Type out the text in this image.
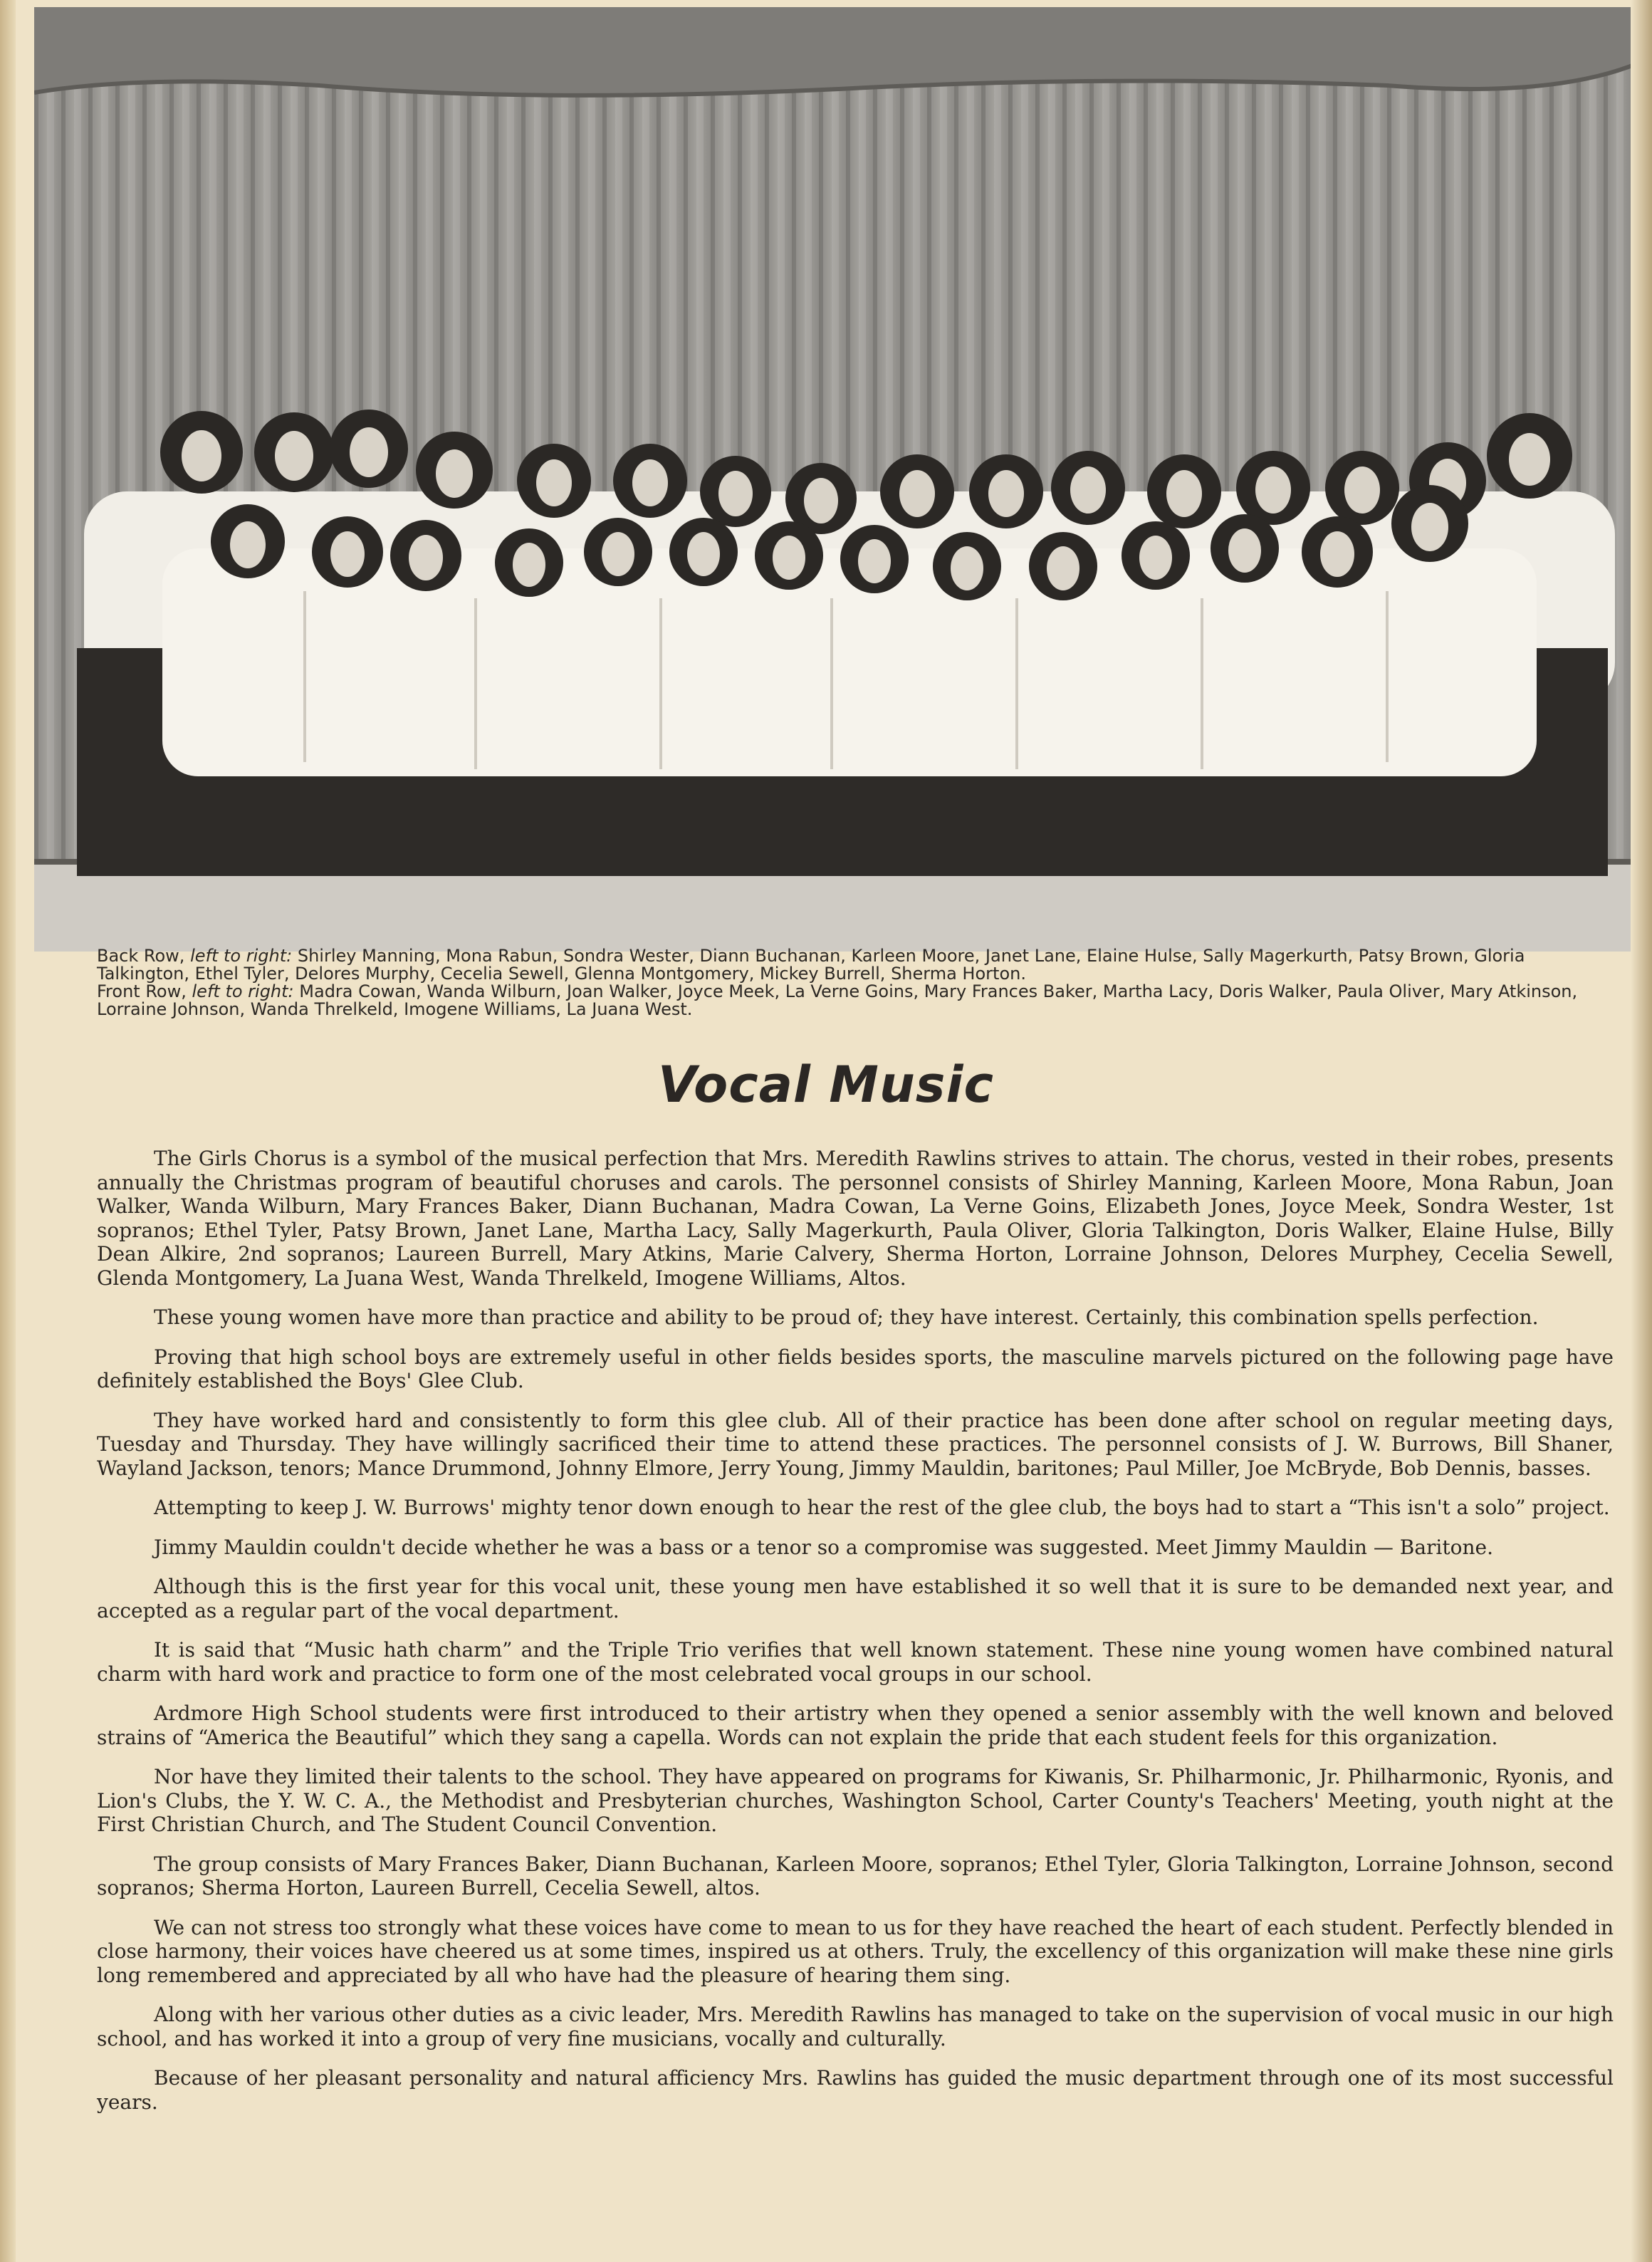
Back Row, left to right: Shirley Manning, Mona Rabun, Sondra Wester, Diann Buchanan, Karleen Moore, Janet Lane, Elaine Hulse, Sally Magerkurth, Patsy Brown, Gloria Talkington, Ethel Tyler, Delores Murphy, Cecelia Sewell, Glenna Montgomery, Mickey Burrell, Sherma Horton.

Front Row, left to right: Madra Cowan, Wanda Wilburn, Joan Walker, Joyce Meek, La Verne Goins, Mary Frances Baker, Martha Lacy, Doris Walker, Paula Oliver, Mary Atkinson, Lorraine Johnson, Wanda Threlkeld, Imogene Williams, La Juana West.

Vocal Music

The Girls Chorus is a symbol of the musical perfection that Mrs. Meredith Rawlins strives to attain. The chorus, vested in their robes, presents annually the Christmas program of beautiful choruses and carols. The personnel consists of Shirley Manning, Karleen Moore, Mona Rabun, Joan Walker, Wanda Wilburn, Mary Frances Baker, Diann Buchanan, Madra Cowan, La Verne Goins, Elizabeth Jones, Joyce Meek, Sondra Wester, 1st sopranos; Ethel Tyler, Patsy Brown, Janet Lane, Martha Lacy, Sally Magerkurth, Paula Oliver, Gloria Talkington, Doris Walker, Elaine Hulse, Billy Dean Alkire, 2nd sopranos; Laureen Burrell, Mary Atkins, Marie Calvery, Sherma Horton, Lorraine Johnson, Delores Murphey, Cecelia Sewell, Glenda Montgomery, La Juana West, Wanda Threlkeld, Imogene Williams, Altos.

These young women have more than practice and ability to be proud of; they have interest. Certainly, this combination spells perfection.

Proving that high school boys are extremely useful in other fields besides sports, the masculine marvels pictured on the following page have definitely established the Boys' Glee Club.

They have worked hard and consistently to form this glee club. All of their practice has been done after school on regular meeting days, Tuesday and Thursday. They have willingly sacrificed their time to attend these practices. The personnel consists of J. W. Burrows, Bill Shaner, Wayland Jackson, tenors; Mance Drummond, Johnny Elmore, Jerry Young, Jimmy Mauldin, baritones; Paul Miller, Joe McBryde, Bob Dennis, basses.

Attempting to keep J. W. Burrows' mighty tenor down enough to hear the rest of the glee club, the boys had to start a “This isn't a solo” project.

Jimmy Mauldin couldn't decide whether he was a bass or a tenor so a compromise was suggested. Meet Jimmy Mauldin — Baritone.

Although this is the first year for this vocal unit, these young men have established it so well that it is sure to be demanded next year, and accepted as a regular part of the vocal department.

It is said that “Music hath charm” and the Triple Trio verifies that well known statement. These nine young women have combined natural charm with hard work and practice to form one of the most celebrated vocal groups in our school.

Ardmore High School students were first introduced to their artistry when they opened a senior assembly with the well known and beloved strains of “America the Beautiful” which they sang a capella. Words can not explain the pride that each student feels for this organization.

Nor have they limited their talents to the school. They have appeared on programs for Kiwanis, Sr. Philharmonic, Jr. Philharmonic, Ryonis, and Lion's Clubs, the Y. W. C. A., the Methodist and Presbyterian churches, Washington School, Carter County's Teachers' Meeting, youth night at the First Christian Church, and The Student Council Convention.

The group consists of Mary Frances Baker, Diann Buchanan, Karleen Moore, sopranos; Ethel Tyler, Gloria Talkington, Lorraine Johnson, second sopranos; Sherma Horton, Laureen Burrell, Cecelia Sewell, altos.

We can not stress too strongly what these voices have come to mean to us for they have reached the heart of each student. Perfectly blended in close harmony, their voices have cheered us at some times, inspired us at others. Truly, the excellency of this organization will make these nine girls long remembered and appreciated by all who have had the pleasure of hearing them sing.

Along with her various other duties as a civic leader, Mrs. Meredith Rawlins has managed to take on the supervision of vocal music in our high school, and has worked it into a group of very fine musicians, vocally and culturally.

Because of her pleasant personality and natural afficiency Mrs. Rawlins has guided the music department through one of its most successful years.
